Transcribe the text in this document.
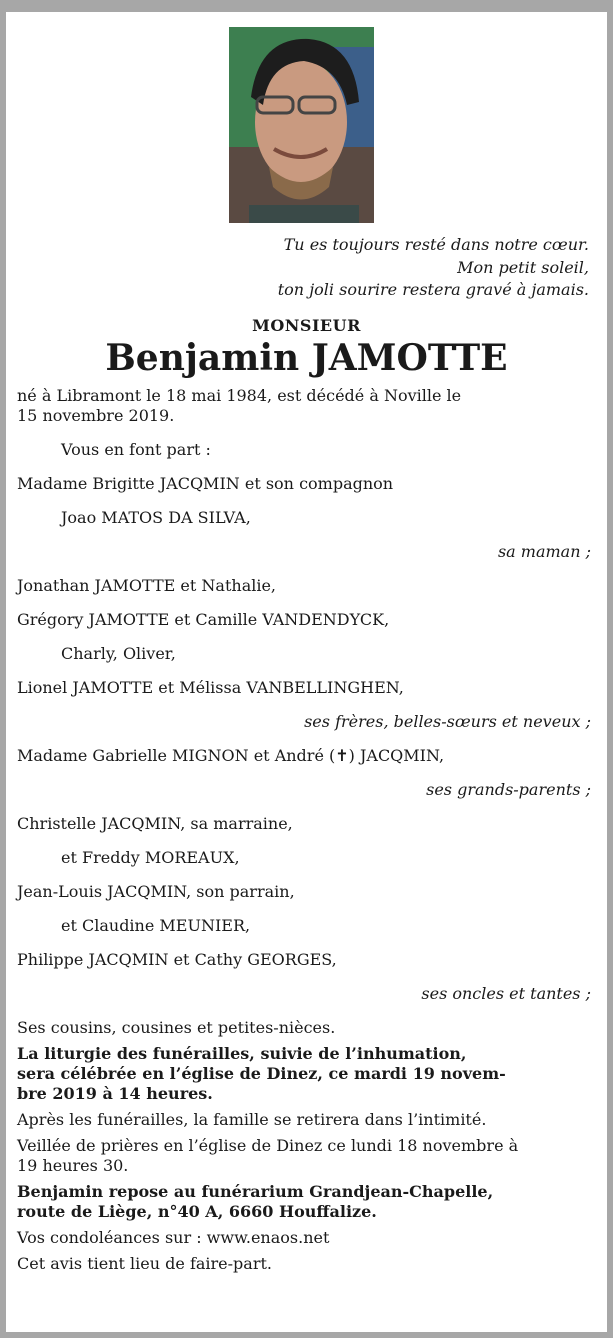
Tu es toujours resté dans notre cœur.
Mon petit soleil,
ton joli sourire restera gravé à jamais.
MONSIEUR
Benjamin JAMOTTE
né à Libramont le 18 mai 1984, est décédé à Noville le
15 novembre 2019.
Vous en font part :
Madame Brigitte JACQMIN et son compagnon
Joao MATOS DA SILVA,
sa maman ;
Jonathan JAMOTTE et Nathalie,
Grégory JAMOTTE et Camille VANDENDYCK,
Charly, Oliver,
Lionel JAMOTTE et Mélissa VANBELLINGHEN,
ses frères, belles-sœurs et neveux ;
Madame Gabrielle MIGNON et André (✝) JACQMIN,
ses grands-parents ;
Christelle JACQMIN, sa marraine,
et Freddy MOREAUX,
Jean-Louis JACQMIN, son parrain,
et Claudine MEUNIER,
Philippe JACQMIN et Cathy GEORGES,
ses oncles et tantes ;
Ses cousins, cousines et petites-nièces.
La liturgie des funérailles, suivie de l’inhumation,
sera célébrée en l’église de Dinez, ce mardi 19 novem-
bre 2019 à 14 heures.
Après les funérailles, la famille se retirera dans l’intimité.
Veillée de prières en l’église de Dinez ce lundi 18 novembre à
19 heures 30.
Benjamin repose au funérarium Grandjean-Chapelle,
route de Liège, n°40 A, 6660 Houffalize.
Vos condoléances sur : www.enaos.net
Cet avis tient lieu de faire-part.
